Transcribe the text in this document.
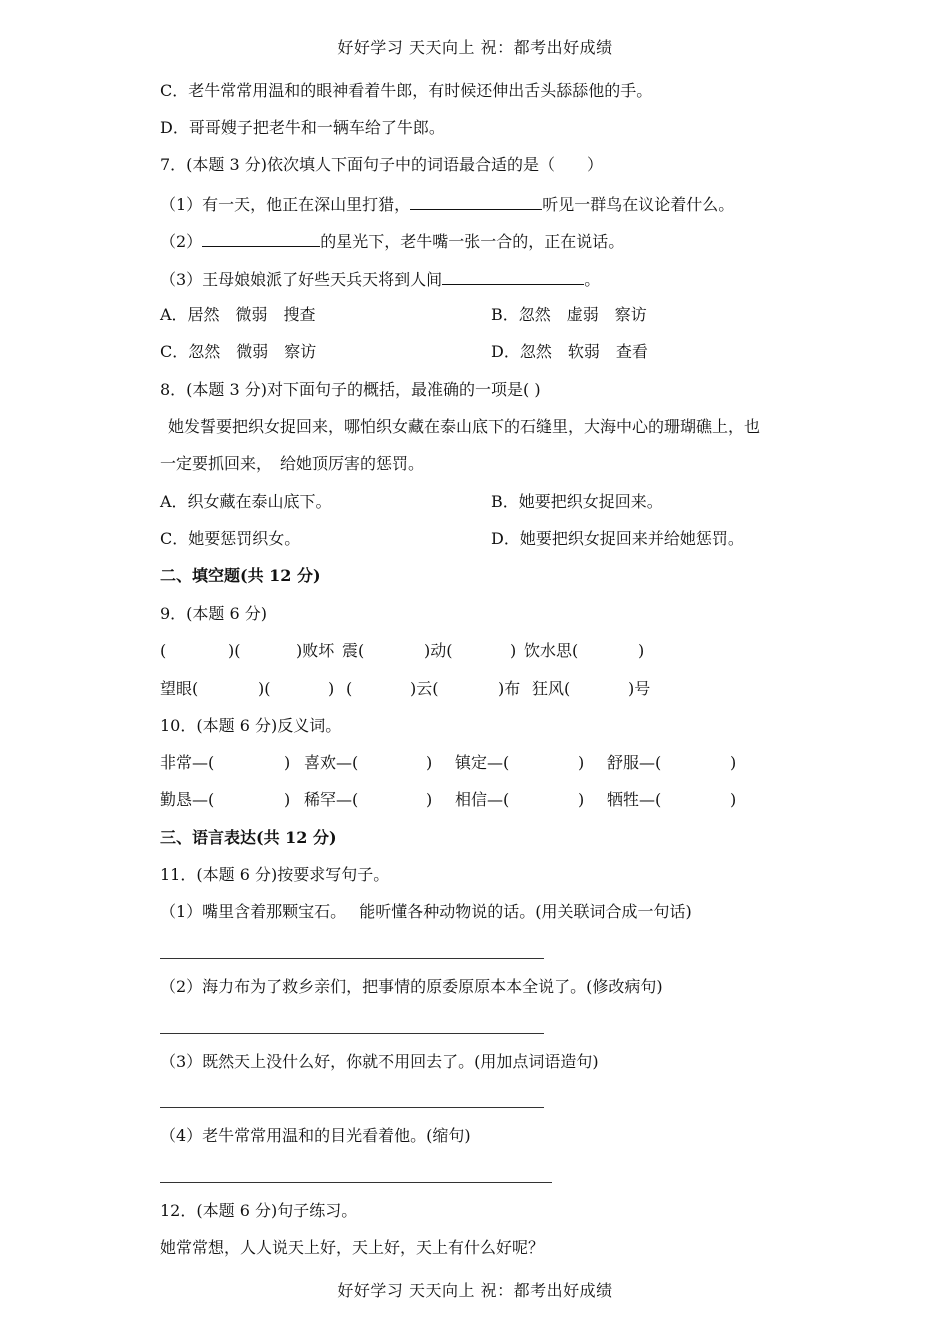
好好学习 天天向上 祝：都考出好成绩
C．老牛常常用温和的眼神看着牛郎，有时候还伸出舌头舔舔他的手。
D．哥哥嫂子把老牛和一辆车给了牛郎。
7．(本题 3 分)依次填人下面句子中的词语最合适的是（　　）
（1）有一天，他正在深山里打猎，	听见一群鸟在议论着什么。
（2）	的星光下，老牛嘴一张一合的，正在说话。
（3）王母娘娘派了好些天兵天将到人间	。
A．居然　微弱　搜查	B．忽然　虚弱　察访
C．忽然　微弱　察访	D．忽然　软弱　查看
8．(本题 3 分)对下面句子的概括，最准确的一项是( )
她发誓要把织女捉回来，哪怕织女藏在泰山底下的石缝里，大海中心的珊瑚礁上，也
一定要抓回来，　给她顶厉害的惩罚。
A．织女藏在泰山底下。	B．她要把织女捉回来。
C．她要惩罚织女。	D．她要把织女捉回来并给她惩罚。
二、填空题(共 12 分)
9．(本题 6 分)
(	)(	)败坏 震(	)动(	) 饮水思(	)
望眼(	)(	) (	)云(	)布 狂风(	)号
10．(本题 6 分)反义词。
非常—(	) 喜欢—(	) 镇定—(	) 舒服—(	)
勤恳—(	) 稀罕—(	) 相信—(	) 牺牲—(	)
三、语言表达(共 12 分)
11．(本题 6 分)按要求写句子。
（1）嘴里含着那颗宝石。　 能听懂各种动物说的话。(用关联词合成一句话)
（2）海力布为了救乡亲们，把事情的原委原原本本全说了。(修改病句)
（3）既然天上没什么好，你就不用回去了。(用加点词语造句)
（4）老牛常常用温和的目光看着他。(缩句)
12．(本题 6 分)句子练习。
她常常想，人人说天上好，天上好，天上有什么好呢？
好好学习 天天向上 祝：都考出好成绩
